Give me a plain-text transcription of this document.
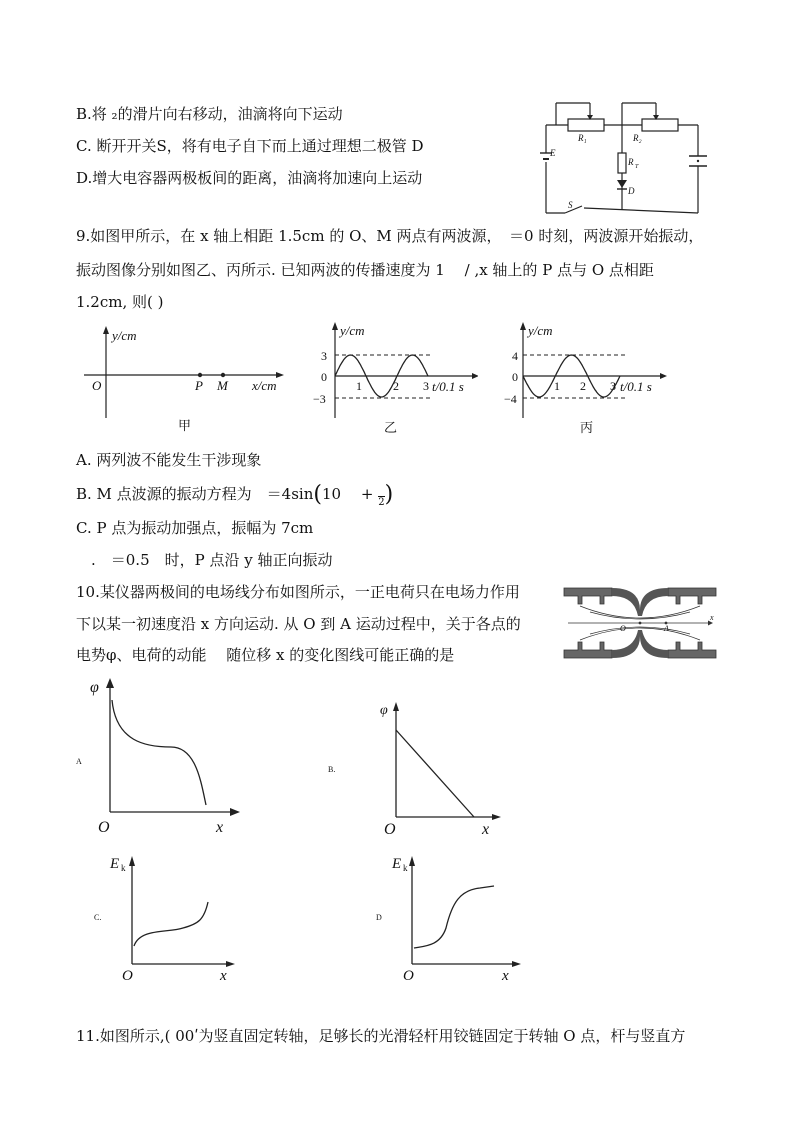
B.将 ₂的滑片向右移动，油滴将向下运动
C. 断开开关S，将有电子自下而上通过理想二极管 D
D.增大电容器两极板间的距离，油滴将加速向上运动
R₁	R₂
R T
E
D
S
9.如图甲所示，在 x 轴上相距 1.5cm 的 O、M 两点有两波源，　＝0 时刻，两波源开始振动，
振动图像分别如图乙、丙所示. 已知两波的传播速度为 1　 / ,x 轴上的 P 点与 O 点相距
1.2cm, 则( )
y/cm
x/cm
O	P M
甲
y/cm
t/0.1 s
3
0
−3
1	2 3
乙
y/cm
t/0.1 s
4
0
−4
1 2 3
丙
A. 两列波不能发生干涉现象
B. M 点波源的振动方程为　＝4sin(10　 + 2)
C. P 点为振动加强点，振幅为 7cm
　.　＝0.5　时，P 点沿 y 轴正向振动
10.某仪器两极间的电场线分布如图所示，一正电荷只在电场力作用
下以某一初速度沿 x 方向运动. 从 O 到 A 运动过程中，关于各点的
电势φ、电荷的动能　 随位移 x 的变化图线可能正确的是
O	A
x
φ
O	x
A
φ
O	x
B.
E k
O	x
C.
E k
O	x
D
11.如图所示,( 00ʹ为竖直固定转轴，足够长的光滑轻杆用铰链固定于转轴 O 点，杆与竖直方
